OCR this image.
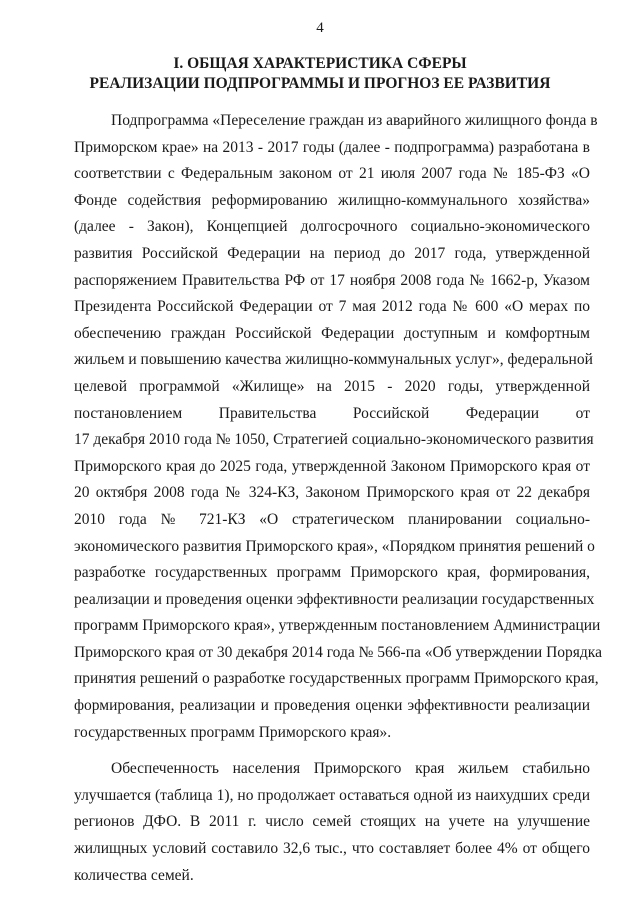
4
I. ОБЩАЯ ХАРАКТЕРИСТИКА СФЕРЫ
РЕАЛИЗАЦИИ ПОДПРОГРАММЫ И ПРОГНОЗ ЕЕ РАЗВИТИЯ
Подпрограмма «Переселение граждан из аварийного жилищного фонда в
Приморском крае» на 2013 - 2017 годы (далее - подпрограмма) разработана в
соответствии с Федеральным законом от 21 июля 2007 года № 185-ФЗ «О
Фонде содействия реформированию жилищно-коммунального хозяйства»
(далее - Закон), Концепцией долгосрочного социально-экономического
развития Российской Федерации на период до 2017 года, утвержденной
распоряжением Правительства РФ от 17 ноября 2008 года № 1662-р, Указом
Президента Российской Федерации от 7 мая 2012 года № 600 «О мерах по
обеспечению граждан Российской Федерации доступным и комфортным
жильем и повышению качества жилищно-коммунальных услуг», федеральной
целевой программой «Жилище» на 2015 - 2020 годы, утвержденной
постановлением Правительства Российской Федерации от
17 декабря 2010 года № 1050, Стратегией социально-экономического развития
Приморского края до 2025 года, утвержденной Законом Приморского края от
20 октября 2008 года № 324-КЗ, Законом Приморского края от 22 декабря
2010 года № 721-КЗ «О стратегическом планировании социально-
экономического развития Приморского края», «Порядком принятия решений о
разработке государственных программ Приморского края, формирования,
реализации и проведения оценки эффективности реализации государственных
программ Приморского края», утвержденным постановлением Администрации
Приморского края от 30 декабря 2014 года № 566-па «Об утверждении Порядка
принятия решений о разработке государственных программ Приморского края,
формирования, реализации и проведения оценки эффективности реализации
государственных программ Приморского края».
Обеспеченность населения Приморского края жильем стабильно
улучшается (таблица 1), но продолжает оставаться одной из наихудших среди
регионов ДФО. В 2011 г. число семей стоящих на учете на улучшение
жилищных условий составило 32,6 тыс., что составляет более 4% от общего
количества семей.
